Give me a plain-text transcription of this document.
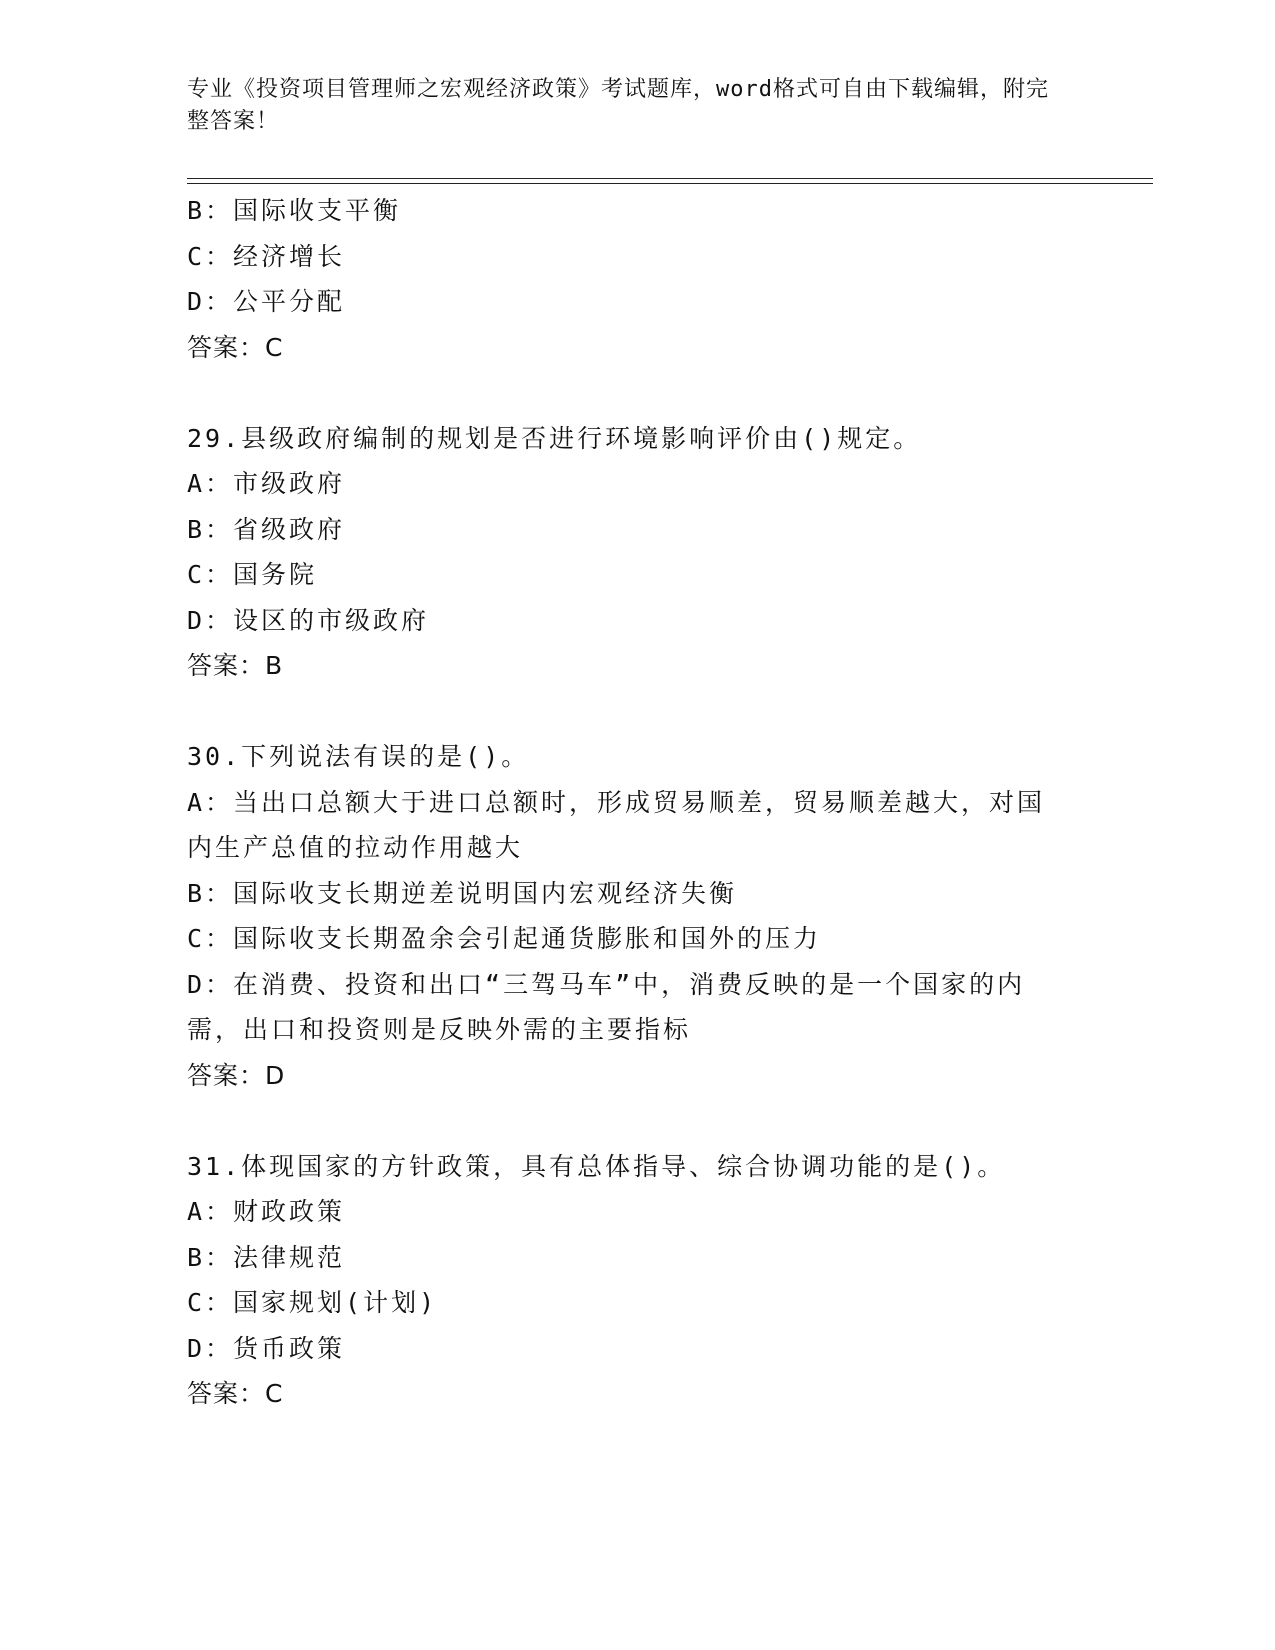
专业《投资项目管理师之宏观经济政策》考试题库，word格式可自由下载编辑，附完整答案！
B：国际收支平衡
C：经济增长
D：公平分配
答案：C
29.县级政府编制的规划是否进行环境影响评价由()规定。
A：市级政府
B：省级政府
C：国务院
D：设区的市级政府
答案：B
30.下列说法有误的是()。
A：当出口总额大于进口总额时，形成贸易顺差，贸易顺差越大，对国内生产总值的拉动作用越大
B：国际收支长期逆差说明国内宏观经济失衡
C：国际收支长期盈余会引起通货膨胀和国外的压力
D：在消费、投资和出口“三驾马车”中，消费反映的是一个国家的内需，出口和投资则是反映外需的主要指标
答案：D
31.体现国家的方针政策，具有总体指导、综合协调功能的是()。
A：财政政策
B：法律规范
C：国家规划(计划)
D：货币政策
答案：C
